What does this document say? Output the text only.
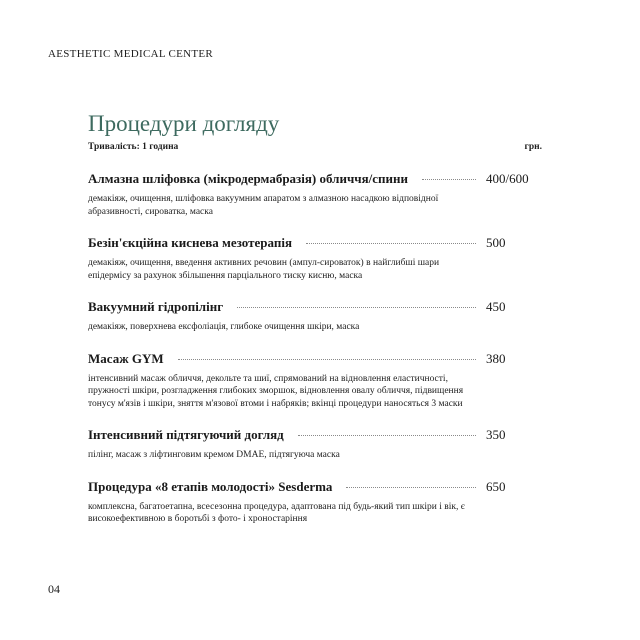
AESTHETIC MEDICAL CENTER
Процедури догляду
Тривалість: 1 година	грн.
Алмазна шліфовка (мікродермабразія) обличчя/спини	400/600
демакіяж, очищення, шліфовка вакуумним апаратом з алмазною насадкою відповідної абразивності, сироватка, маска
Безін'єкційна киснева мезотерапія	500
демакіяж, очищення, введення активних речовин (ампул-сироваток) в найглибші шари епідермісу за рахунок збільшення парціального тиску кисню, маска
Вакуумний гідропілінг	450
демакіяж, поверхнева ексфоліація, глибоке очищення шкіри, маска
Масаж GYM	380
інтенсивний масаж обличчя, декольте та шиї, спрямований на відновлення еластичності, пружності шкіри, розгладження глибоких зморшок, відновлення овалу обличчя, підвищення тонусу м'язів і шкіри, зняття м'язової втоми і набряків; вкінці процедури наносяться 3 маски
Інтенсивний підтягуючий догляд	350
пілінг, масаж з ліфтинговим кремом DMAE, підтягуюча маска
Процедура «8 етапів молодості» Sesderma	650
комплексна, багатоетапна, всесезонна процедура, адаптована під будь-який тип шкіри і вік, є високоефективною в боротьбі з фото- і хроностаріння
04
